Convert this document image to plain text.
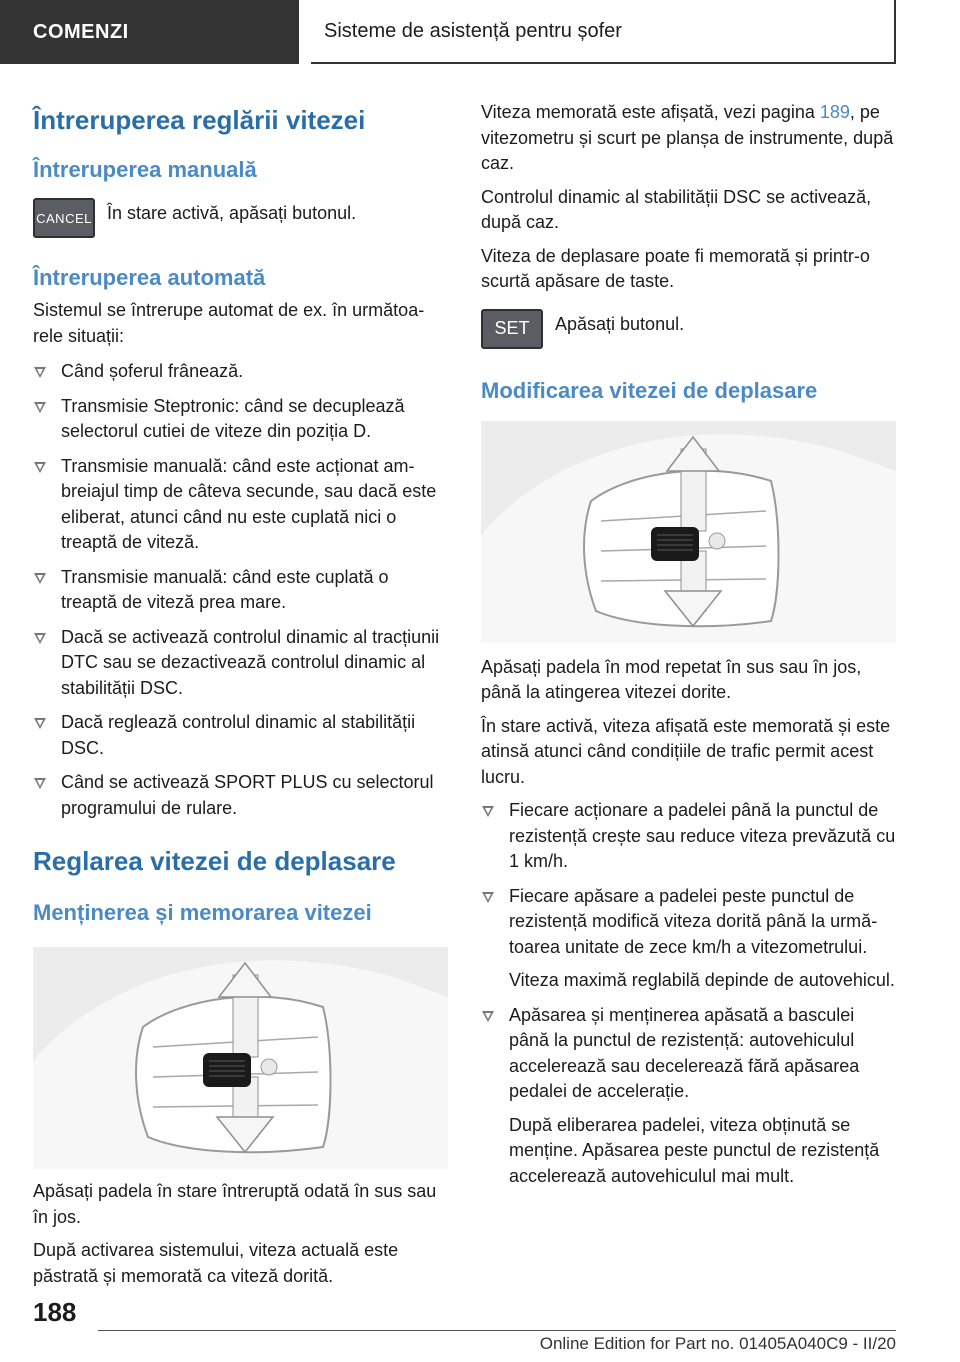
COMENZI	Sisteme de asistență pentru șofer
Întreruperea reglării vitezei
Întreruperea manuală
CANCEL În stare activă, apăsați butonul.

Întreruperea automată

Sistemul se întrerupe automat de ex. în următoarele situații:

Când șoferul frânează.
Transmisie Steptronic: când se decuplează selectorul cutiei de viteze din poziția D.
Transmisie manuală: când este acționat ambreiajul timp de câteva secunde, sau dacă este eliberat, atunci când nu este cuplată nici o treaptă de viteză.
Transmisie manuală: când este cuplată o treaptă de viteză prea mare.
Dacă se activează controlul dinamic al tracțiunii DTC sau se dezactivează controlul dinamic al stabilității DSC.
Dacă reglează controlul dinamic al stabilității DSC.
Când se activează SPORT PLUS cu selectorul programului de rulare.
Reglarea vitezei de deplasare
Menținerea și memorarea vitezei

Apăsați padela în stare întreruptă odată în sus sau în jos.

După activarea sistemului, viteza actuală este păstrată și memorată ca viteză dorită.

Viteza memorată este afișată, vezi pagina 189, pe vitezometru și scurt pe planșa de instrumente, după caz.

Controlul dinamic al stabilității DSC se activează, după caz.

Viteza de deplasare poate fi memorată și printr-o scurtă apăsare de taste.

SET Apăsați butonul.

Modificarea vitezei de deplasare

Apăsați padela în mod repetat în sus sau în jos, până la atingerea vitezei dorite.

În stare activă, viteza afișată este memorată și este atinsă atunci când condițiile de trafic permit acest lucru.

Fiecare acționare a padelei până la punctul de rezistență crește sau reduce viteza prevăzută cu 1 km/h.
Fiecare apăsare a padelei peste punctul de rezistență modifică viteza dorită până la următoarea unitate de zece km/h a vitezometrului.

Viteza maximă reglabilă depinde de autovehicul.

Apăsarea și menținerea apăsată a basculei până la punctul de rezistență: autovehiculul accelerează sau decelerează fără apăsarea pedalei de accelerație.

După eliberarea padelei, viteza obținută se menține. Apăsarea peste punctul de rezistență accelerează autovehiculul mai mult.

188
Online Edition for Part no. 01405A040C9 - II/20
